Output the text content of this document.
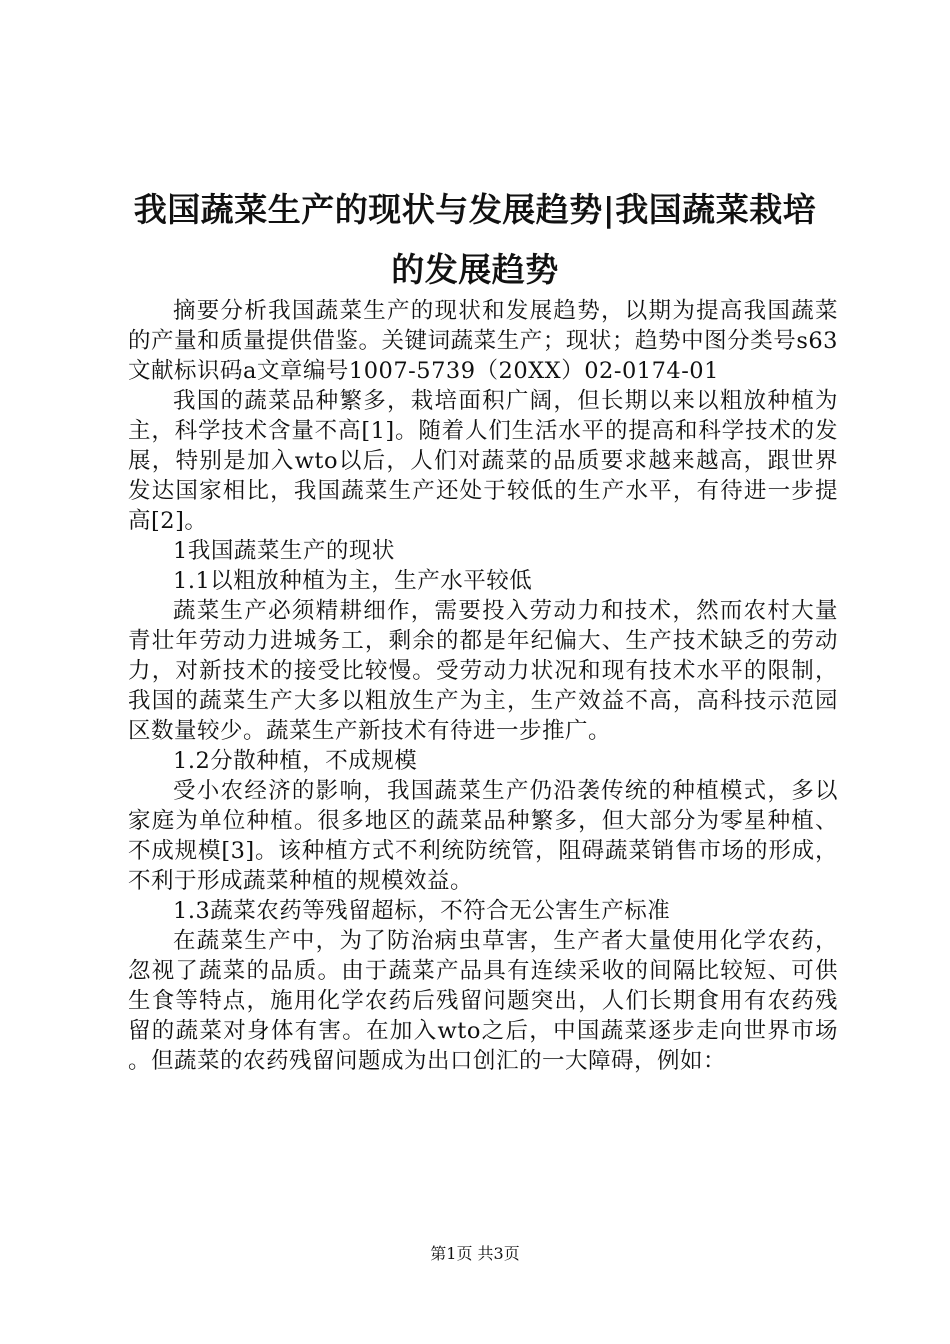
我国蔬菜生产的现状与发展趋势|我国蔬菜栽培的发展趋势

摘要分析我国蔬菜生产的现状和发展趋势，以期为提高我国蔬菜的产量和质量提供借鉴。关键词蔬菜生产；现状；趋势中图分类号s63文献标识码a文章编号1007-5739（20XX）02-0174-01

我国的蔬菜品种繁多，栽培面积广阔，但长期以来以粗放种植为主，科学技术含量不高[1]。随着人们生活水平的提高和科学技术的发展，特别是加入wto以后，人们对蔬菜的品质要求越来越高，跟世界发达国家相比，我国蔬菜生产还处于较低的生产水平，有待进一步提高[2]。

1我国蔬菜生产的现状

1.1以粗放种植为主，生产水平较低

蔬菜生产必须精耕细作，需要投入劳动力和技术，然而农村大量青壮年劳动力进城务工，剩余的都是年纪偏大、生产技术缺乏的劳动力，对新技术的接受比较慢。受劳动力状况和现有技术水平的限制，我国的蔬菜生产大多以粗放生产为主，生产效益不高，高科技示范园区数量较少。蔬菜生产新技术有待进一步推广。

1.2分散种植，不成规模

受小农经济的影响，我国蔬菜生产仍沿袭传统的种植模式，多以家庭为单位种植。很多地区的蔬菜品种繁多，但大部分为零星种植、不成规模[3]。该种植方式不利统防统管，阻碍蔬菜销售市场的形成，不利于形成蔬菜种植的规模效益。

1.3蔬菜农药等残留超标，不符合无公害生产标准

在蔬菜生产中，为了防治病虫草害，生产者大量使用化学农药，忽视了蔬菜的品质。由于蔬菜产品具有连续采收的间隔比较短、可供生食等特点，施用化学农药后残留问题突出，人们长期食用有农药残留的蔬菜对身体有害。在加入wto之后，中国蔬菜逐步走向世界市场。但蔬菜的农药残留问题成为出口创汇的一大障碍，例如：

第1页 共3页
